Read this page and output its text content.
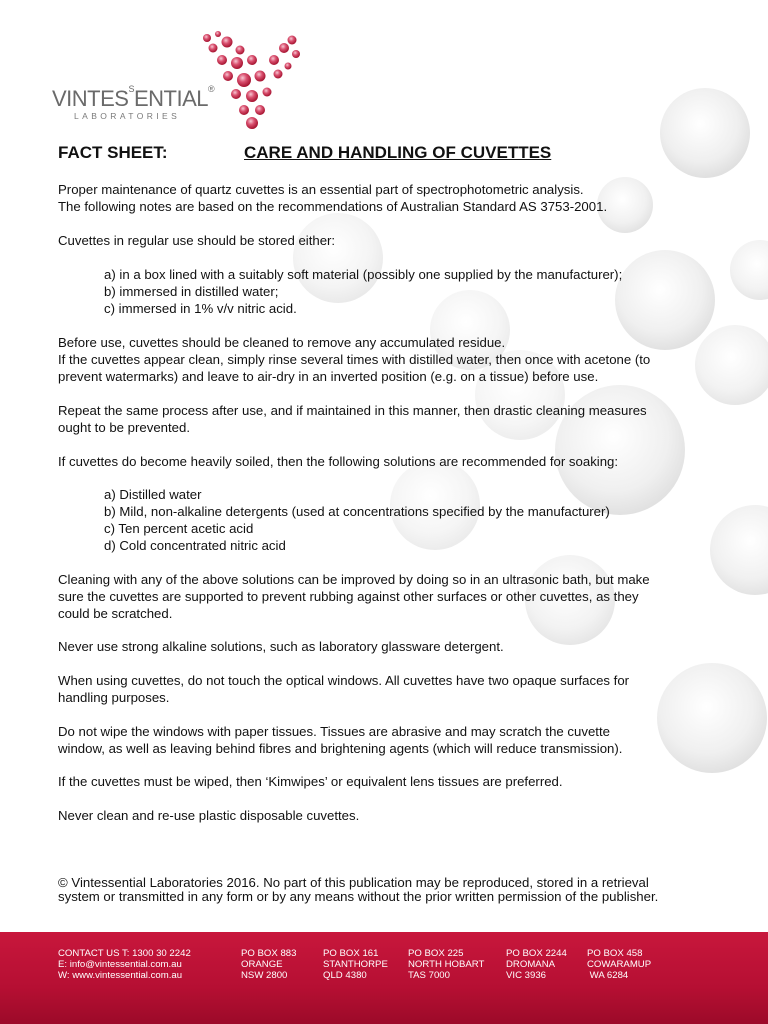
$VINTES^SENTIAL®$
LABORATORIES
FACT SHEET:	CARE AND HANDLING OF CUVETTES
Proper maintenance of quartz cuvettes is an essential part of spectrophotometric analysis.
The following notes are based on the recommendations of Australian Standard AS 3753-2001.
Cuvettes in regular use should be stored either:
a) in a box lined with a suitably soft material (possibly one supplied by the manufacturer);
b) immersed in distilled water;
c) immersed in 1% v/v nitric acid.
Before use, cuvettes should be cleaned to remove any accumulated residue.
If the cuvettes appear clean, simply rinse several times with distilled water, then once with acetone (to
prevent watermarks) and leave to air-dry in an inverted position (e.g. on a tissue) before use.
Repeat the same process after use, and if maintained in this manner, then drastic cleaning measures
ought to be prevented.
If cuvettes do become heavily soiled, then the following solutions are recommended for soaking:
a) Distilled water
b) Mild, non-alkaline detergents (used at concentrations specified by the manufacturer)
c) Ten percent acetic acid
d) Cold concentrated nitric acid
Cleaning with any of the above solutions can be improved by doing so in an ultrasonic bath, but make
sure the cuvettes are supported to prevent rubbing against other surfaces or other cuvettes, as they
could be scratched.
Never use strong alkaline solutions, such as laboratory glassware detergent.
When using cuvettes, do not touch the optical windows. All cuvettes have two opaque surfaces for
handling purposes.
Do not wipe the windows with paper tissues. Tissues are abrasive and may scratch the cuvette
window, as well as leaving behind fibres and brightening agents (which will reduce transmission).
If the cuvettes must be wiped, then ‘Kimwipes’ or equivalent lens tissues are preferred.
Never clean and re-use plastic disposable cuvettes.
© Vintessential Laboratories 2016. No part of this publication may be reproduced, stored in a retrieval
system or transmitted in any form or by any means without the prior written permission of the publisher.
CONTACT US T: 1300 30 2242
E: info@vintessential.com.au
W: www.vintessential.com.au
PO BOX 883
ORANGE
NSW 2800
PO BOX 161
STANTHORPE
QLD 4380
PO BOX 225
NORTH HOBART
TAS 7000
PO BOX 2244
DROMANA
VIC 3936
PO BOX 458
COWARAMUP
WA 6284
